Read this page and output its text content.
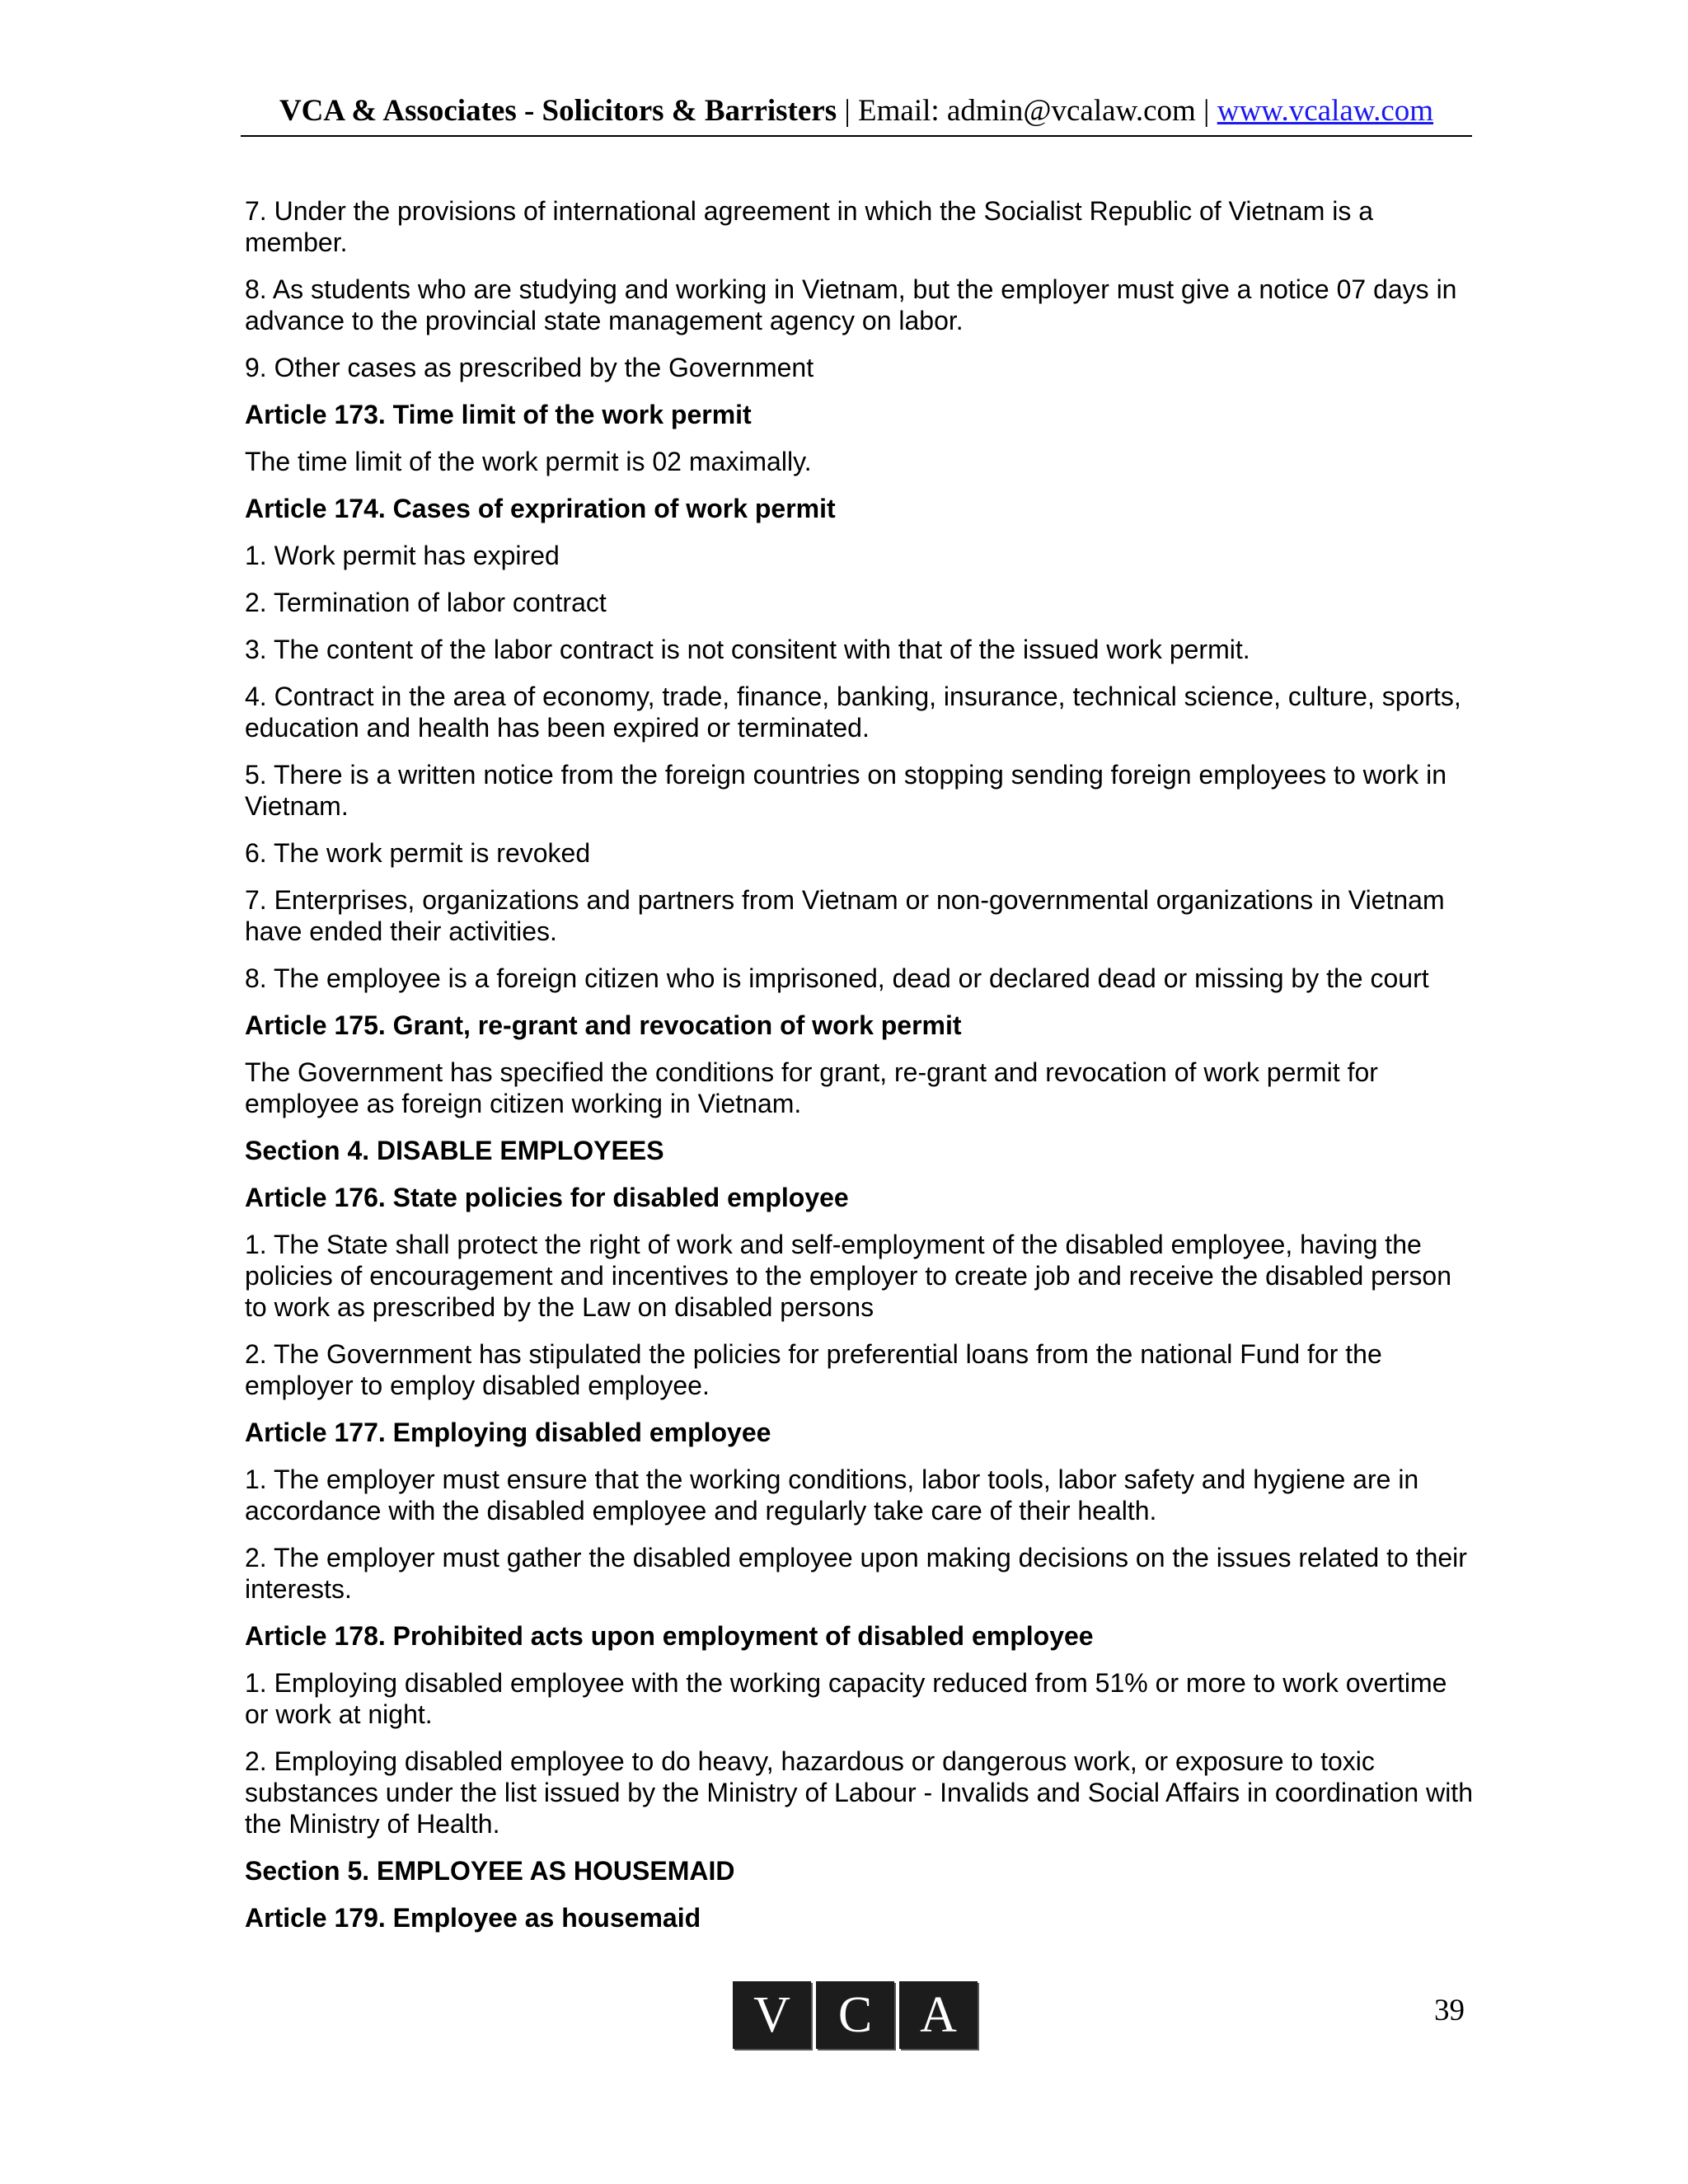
VCA & Associates - Solicitors & Barristers | Email: admin@vcalaw.com | www.vcalaw.com

7. Under the provisions of international agreement in which the Socialist Republic of Vietnam is a member.

8. As students who are studying and working in Vietnam, but the employer must give a notice 07 days in advance to the provincial state management agency on labor.

9. Other cases as prescribed by the Government

Article 173. Time limit of the work permit

The time limit of the work permit is 02 maximally.

Article 174. Cases of expriration of work permit

1. Work permit has expired

2. Termination of labor contract

3. The content of the labor contract is not consitent with that of the issued work permit.

4. Contract in the area of economy, trade, finance, banking, insurance, technical science, culture, sports, education and health has been expired or terminated.

5. There is a written notice from the foreign countries on stopping sending foreign employees to work in Vietnam.

6. The work permit is revoked

7. Enterprises, organizations and partners from Vietnam or non-governmental organizations in Vietnam have ended their activities.

8. The employee is a foreign citizen who is imprisoned, dead or declared dead or missing by the court

Article 175. Grant, re-grant and revocation of work permit

The Government has specified the conditions for grant, re-grant and revocation of work permit for employee as foreign citizen working in Vietnam.

Section 4. DISABLE EMPLOYEES

Article 176. State policies for disabled employee

1. The State shall protect the right of work and self-employment of the disabled employee, having the policies of encouragement and incentives to the employer to create job and receive the disabled person to work as prescribed by the Law on disabled persons

2. The Government has stipulated the policies for preferential loans from the national Fund for the employer to employ disabled employee.

Article 177. Employing disabled employee

1. The employer must ensure that the working conditions, labor tools, labor safety and hygiene are in accordance with the disabled employee and regularly take care of their health.

2. The employer must gather the disabled employee upon making decisions on the issues related to their interests.

Article 178. Prohibited acts upon employment of disabled employee

1. Employing disabled employee with the working capacity reduced from 51% or more to work overtime or work at night.

2. Employing disabled employee to do heavy, hazardous or dangerous work, or exposure to toxic substances under the list issued by the Ministry of Labour - Invalids and Social Affairs in coordination with the Ministry of Health.

Section 5. EMPLOYEE AS HOUSEMAID

Article 179. Employee as housemaid

V C A	39
